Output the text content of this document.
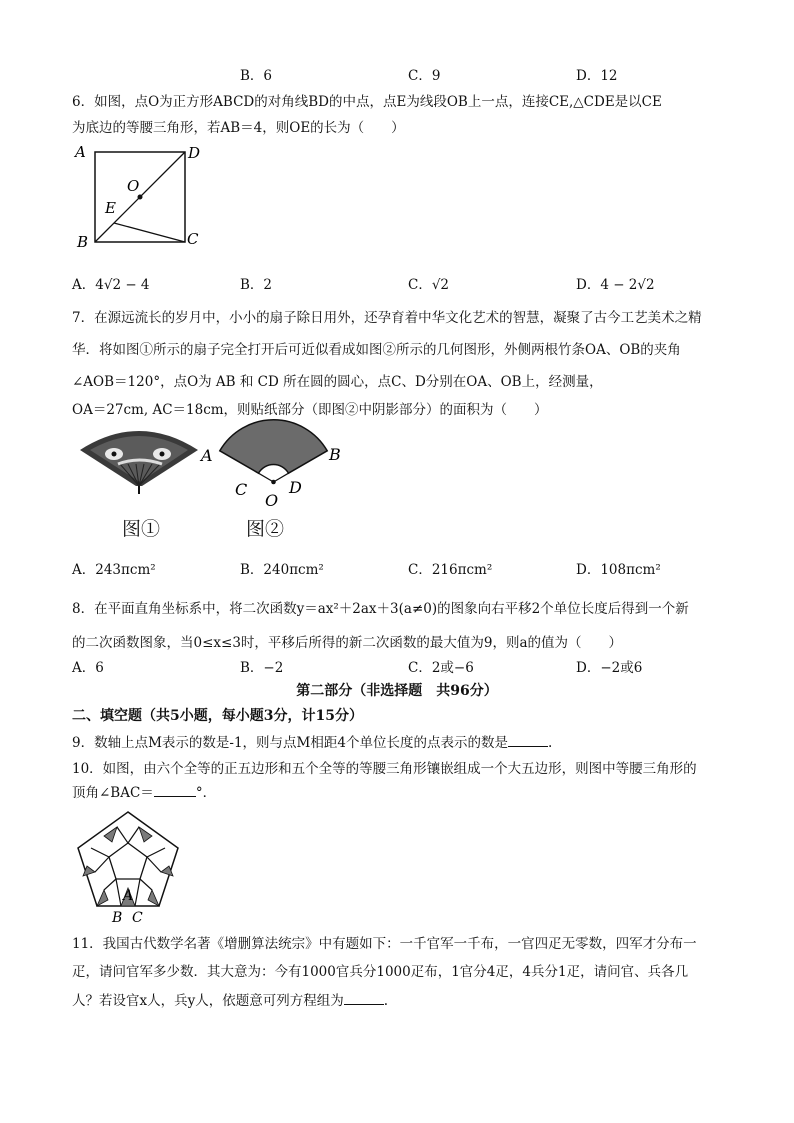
B．6	C．9	D．12
6．如图，点O为正方形ABCD的对角线BD的中点，点E为线段OB上一点，连接CE,△CDE是以CE
为底边的等腰三角形，若AB＝4，则OE的长为（　　）
A	D
B	C
O
E
A．4√2 − 4	B．2	C．√2	D．4 − 2√2
7．在源远流长的岁月中，小小的扇子除日用外，还孕育着中华文化艺术的智慧，凝聚了古今工艺美术之精
华．将如图①所示的扇子完全打开后可近似看成如图②所示的几何图形，外侧两根竹条OA、OB的夹角
∠AOB＝120°，点O为 AB 和 CD 所在圆的圆心，点C、D分别在OA、OB上，经测量，
OA＝27cm, AC＝18cm，则贴纸部分（即图②中阴影部分）的面积为（　　）
图①
A	B
C	D
O
图②
A．243πcm²	B．240πcm²	C．216πcm²	D．108πcm²
8．在平面直角坐标系中，将二次函数y＝ax²＋2ax＋3(a≠0)的图象向右平移2个单位长度后得到一个新
的二次函数图象，当0≤x≤3时，平移后所得的新二次函数的最大值为9，则a的值为（　　）
A．6	B．−2	C．2或−6	D．−2或6
第二部分（非选择题　共96分）
二、填空题（共5小题，每小题3分，计15分）
9．数轴上点M表示的数是-1，则与点M相距4个单位长度的点表示的数是	.
10．如图，由六个全等的正五边形和五个全等的等腰三角形镶嵌组成一个大五边形，则图中等腰三角形的
顶角∠BAC＝	°．
A
B C
11．我国古代数学名著《增删算法统宗》中有题如下：一千官军一千布，一官四疋无零数，四军才分布一
疋，请问官军多少数．其大意为：今有1000官兵分1000疋布，1官分4疋，4兵分1疋，请问官、兵各几
人？若设官x人，兵y人，依题意可列方程组为	.
